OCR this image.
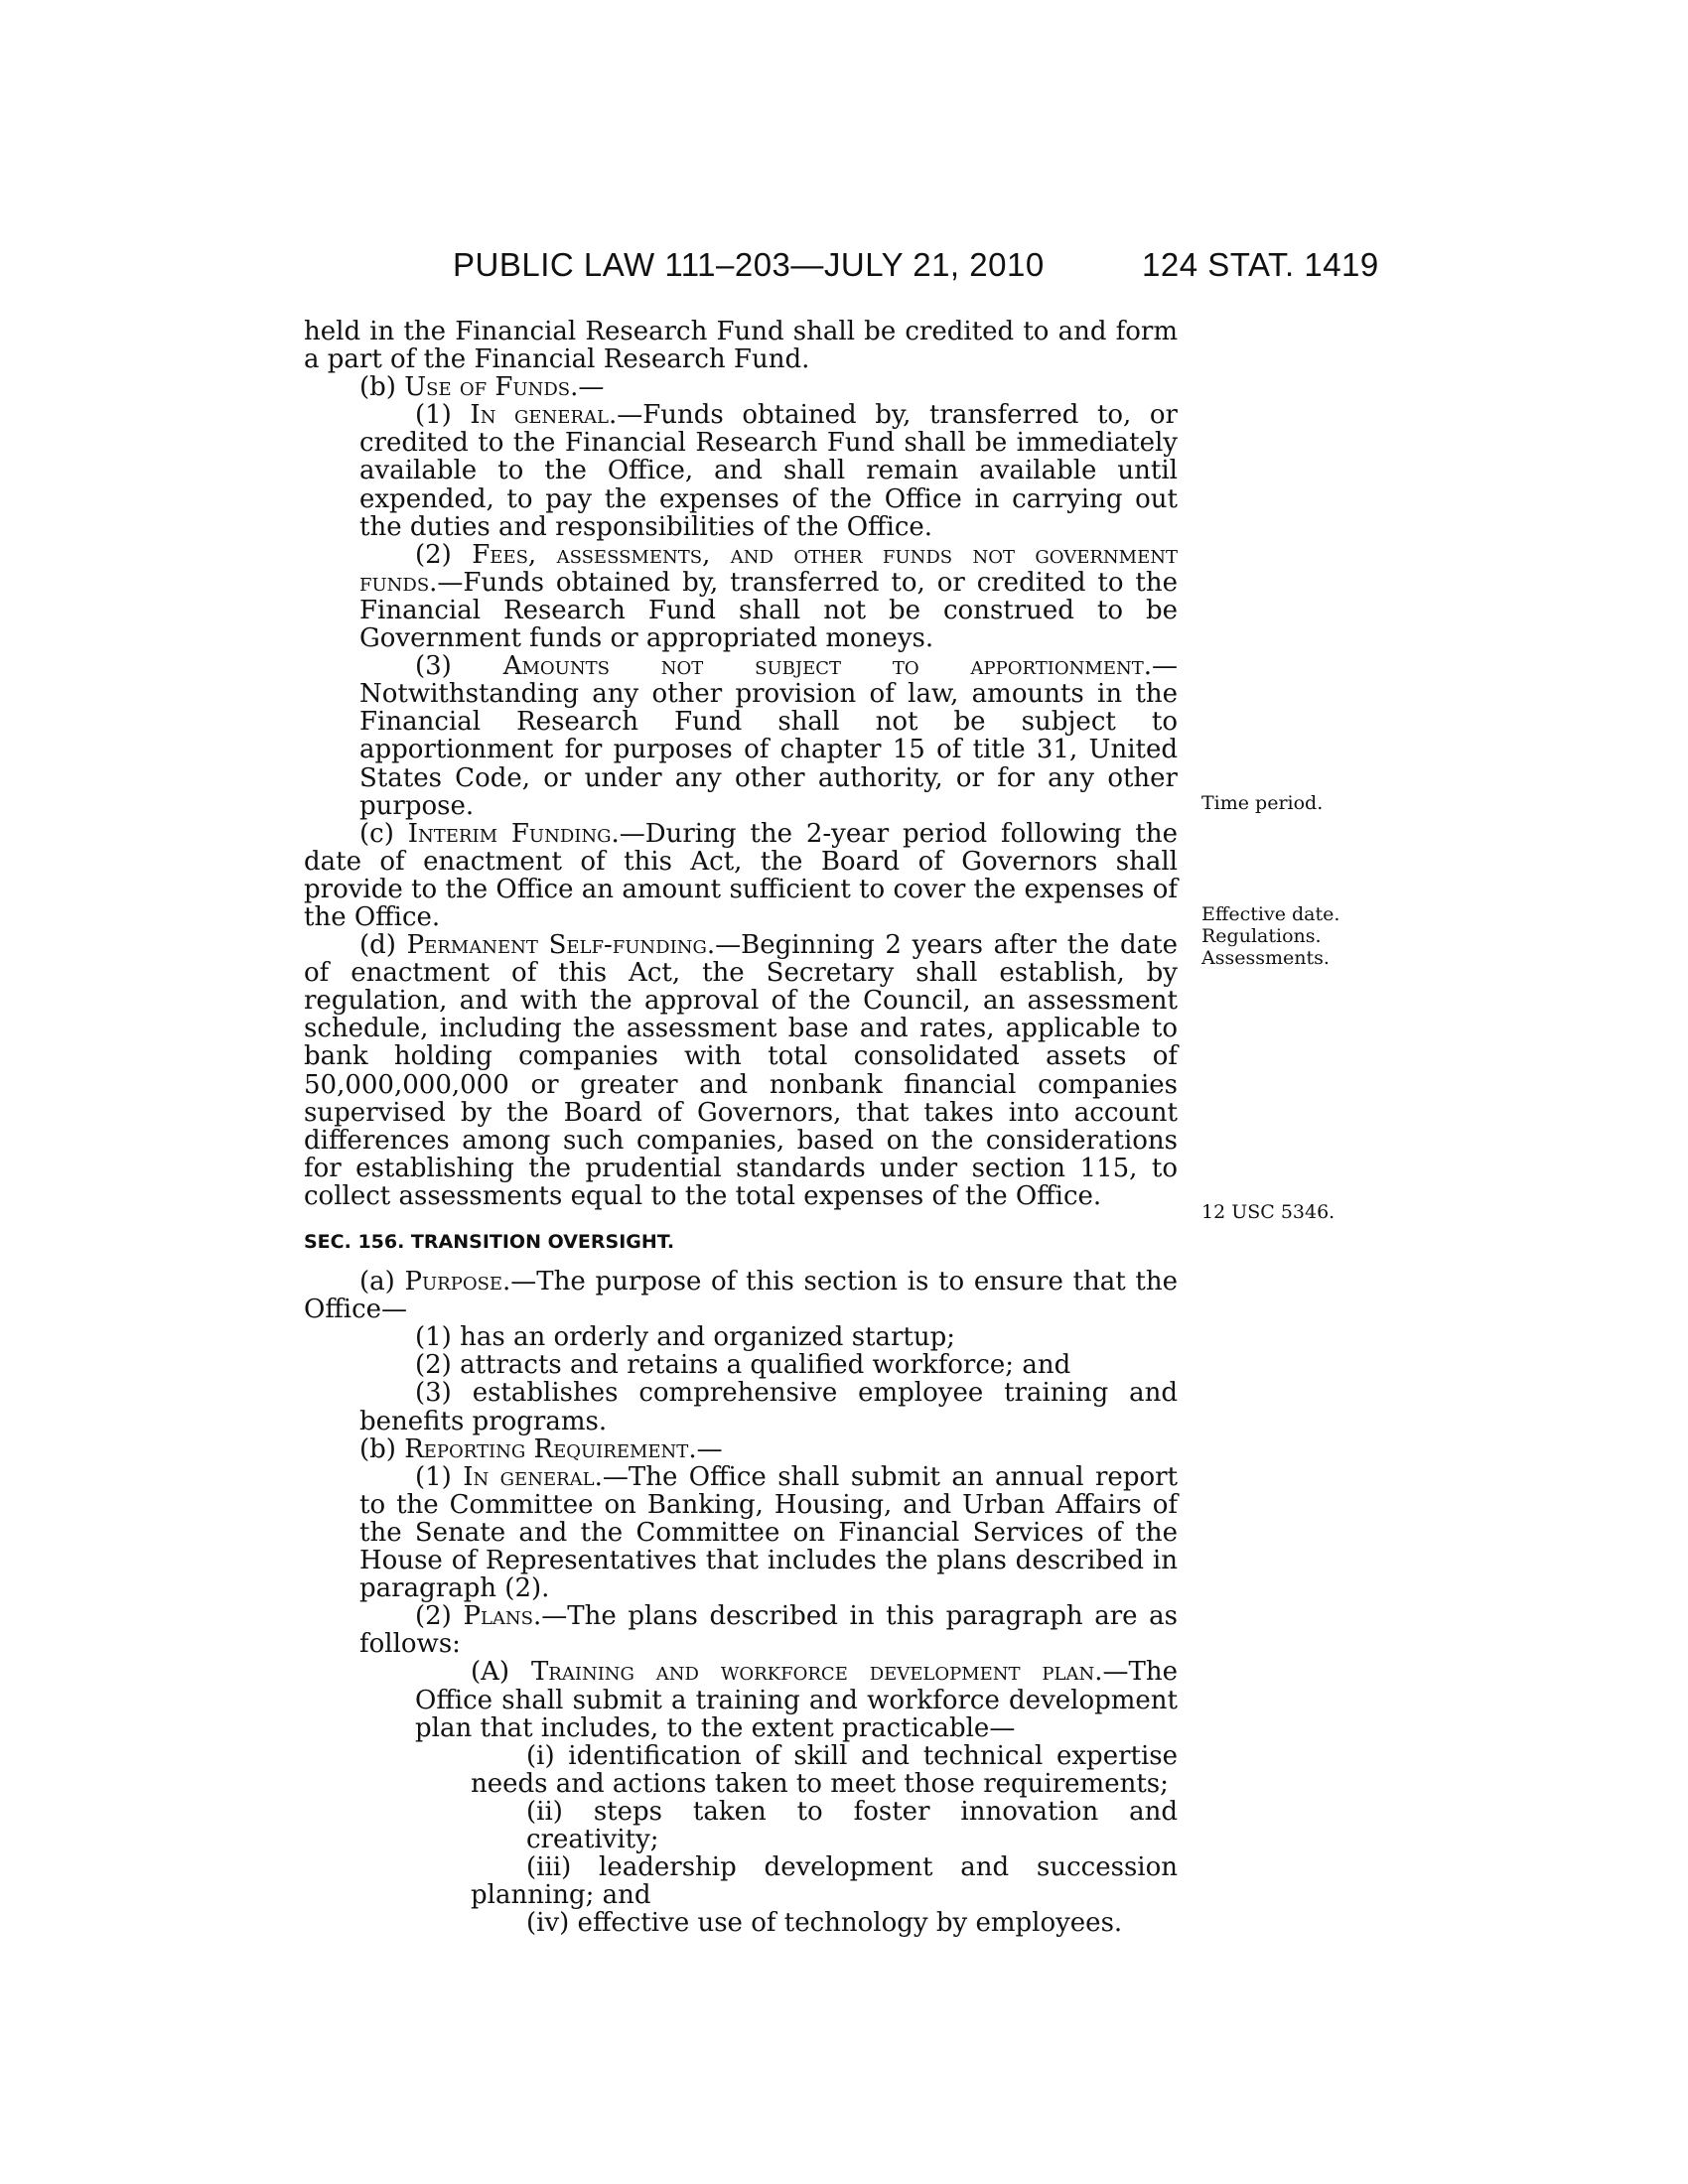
PUBLIC LAW 111–203—JULY 21, 2010	124 STAT. 1419

held in the Financial Research Fund shall be credited to and form a part of the Financial Research Fund.

(b) Use of Funds.—

(1) In general.—Funds obtained by, transferred to, or credited to the Financial Research Fund shall be immediately available to the Office, and shall remain available until expended, to pay the expenses of the Office in carrying out the duties and responsibilities of the Office.

(2) Fees, assessments, and other funds not government funds.—Funds obtained by, transferred to, or credited to the Financial Research Fund shall not be construed to be Government funds or appropriated moneys.

(3) Amounts not subject to apportionment.—Notwithstanding any other provision of law, amounts in the Financial Research Fund shall not be subject to apportionment for purposes of chapter 15 of title 31, United States Code, or under any other authority, or for any other purpose.

(c) Interim Funding.—During the 2-year period following the date of enactment of this Act, the Board of Governors shall provide to the Office an amount sufficient to cover the expenses of the Office.

(d) Permanent Self-funding.—Beginning 2 years after the date of enactment of this Act, the Secretary shall establish, by regulation, and with the approval of the Council, an assessment schedule, including the assessment base and rates, applicable to bank holding companies with total consolidated assets of 50,000,000,000 or greater and nonbank financial companies supervised by the Board of Governors, that takes into account differences among such companies, based on the considerations for establishing the prudential standards under section 115, to collect assessments equal to the total expenses of the Office.

SEC. 156. TRANSITION OVERSIGHT.

(a) Purpose.—The purpose of this section is to ensure that the Office—

(1) has an orderly and organized startup;

(2) attracts and retains a qualified workforce; and

(3) establishes comprehensive employee training and benefits programs.

(b) Reporting Requirement.—

(1) In general.—The Office shall submit an annual report to the Committee on Banking, Housing, and Urban Affairs of the Senate and the Committee on Financial Services of the House of Representatives that includes the plans described in paragraph (2).

(2) Plans.—The plans described in this paragraph are as follows:

(A) Training and workforce development plan.—The Office shall submit a training and workforce development plan that includes, to the extent practicable—

(i) identification of skill and technical expertise needs and actions taken to meet those requirements;

(ii) steps taken to foster innovation and creativity;

(iii) leadership development and succession planning; and

(iv) effective use of technology by employees.

Time period.
Effective date.
Regulations.
Assessments.
12 USC 5346.
